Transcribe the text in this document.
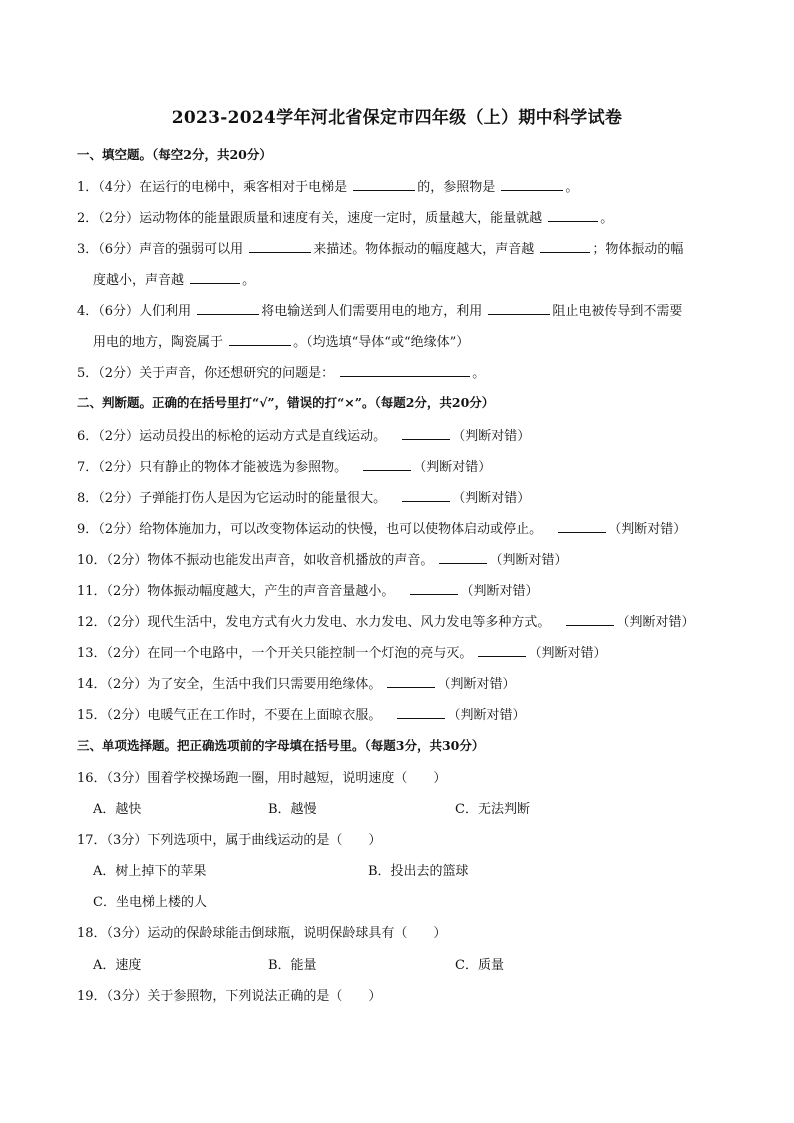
2023-2024学年河北省保定市四年级（上）期中科学试卷
一、填空题。（每空2分，共20分）
1．（4分）在运行的电梯中，乘客相对于电梯是	的，参照物是	。
2．（2分）运动物体的能量跟质量和速度有关，速度一定时，质量越大，能量就越	。
3．（6分）声音的强弱可以用	来描述。物体振动的幅度越大，声音越	；物体振动的幅
度越小，声音越	。
4．（6分）人们利用	将电输送到人们需要用电的地方，利用	阻止电被传导到不需要
用电的地方，陶瓷属于	。（均选填“导体“或“绝缘体”）
5．（2分）关于声音，你还想研究的问题是：	。
二、判断题。正确的在括号里打“√”，错误的打“×”。（每题2分，共20分）
6．（2分）运动员投出的标枪的运动方式是直线运动。	（判断对错）
7．（2分）只有静止的物体才能被选为参照物。	（判断对错）
8．（2分）子弹能打伤人是因为它运动时的能量很大。	（判断对错）
9．（2分）给物体施加力，可以改变物体运动的快慢，也可以使物体启动或停止。	（判断对错）
10．（2分）物体不振动也能发出声音，如收音机播放的声音。	（判断对错）
11．（2分）物体振动幅度越大，产生的声音音量越小。	（判断对错）
12．（2分）现代生活中，发电方式有火力发电、水力发电、风力发电等多种方式。	（判断对错）
13．（2分）在同一个电路中，一个开关只能控制一个灯泡的亮与灭。	（判断对错）
14．（2分）为了安全，生活中我们只需要用绝缘体。	（判断对错）
15．（2分）电暖气正在工作时，不要在上面晾衣服。	（判断对错）
三、单项选择题。把正确选项前的字母填在括号里。（每题3分，共30分）
16．（3分）围着学校操场跑一圈，用时越短，说明速度（ ）
A．越快	B．越慢	C．无法判断
17．（3分）下列选项中，属于曲线运动的是（ ）
A．树上掉下的苹果	B．投出去的篮球
C．坐电梯上楼的人
18．（3分）运动的保龄球能击倒球瓶，说明保龄球具有（ ）
A．速度	B．能量	C．质量
19．（3分）关于参照物，下列说法正确的是（ ）
